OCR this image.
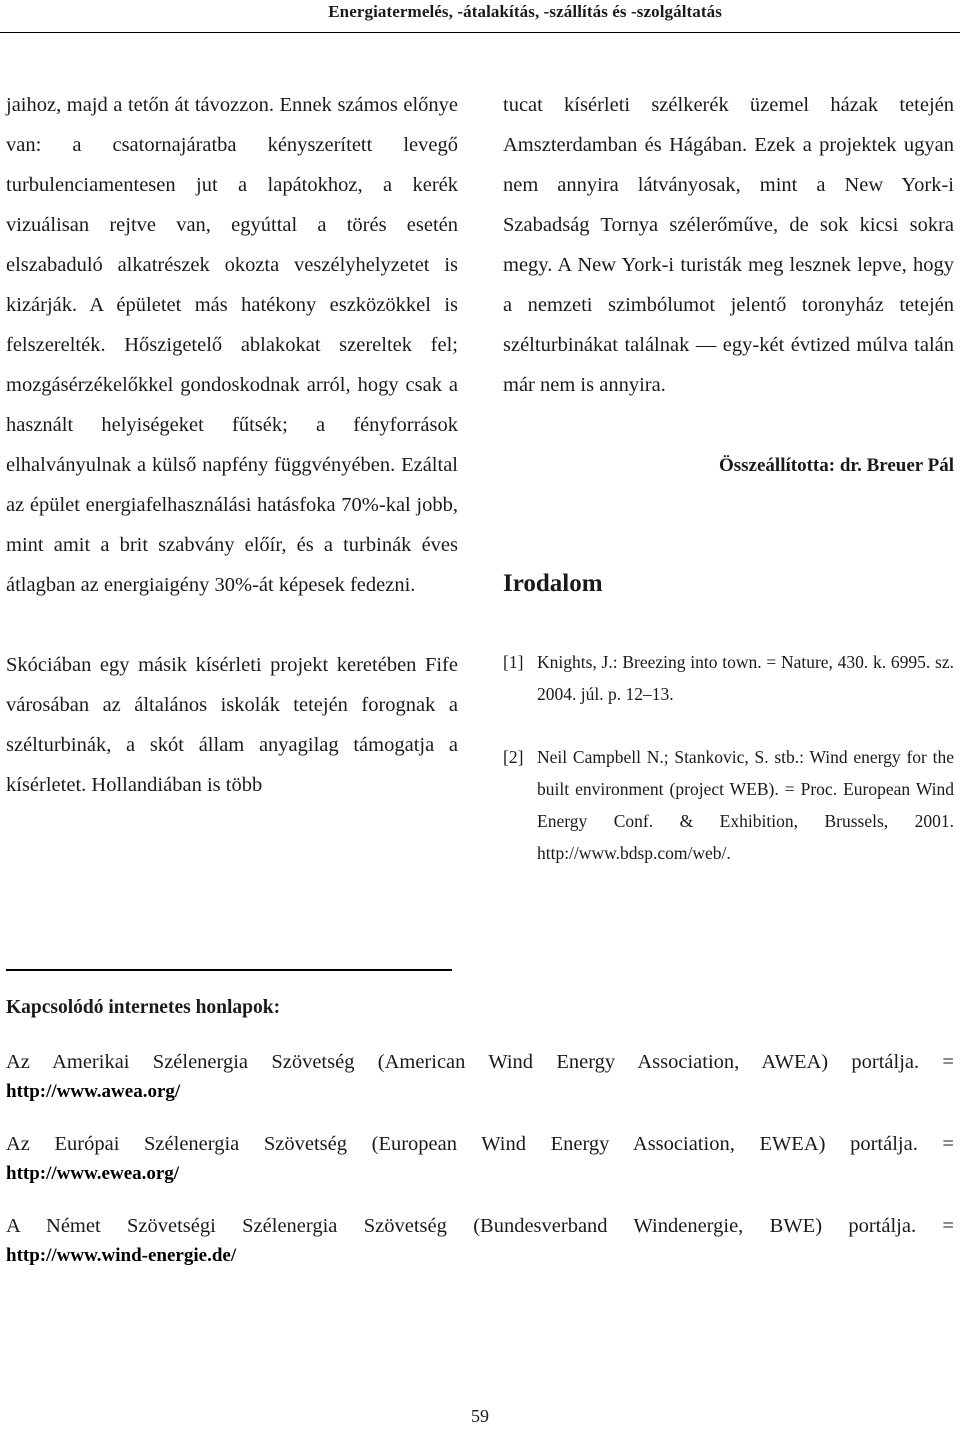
Energiatermelés, -átalakítás, -szállítás és -szolgáltatás

jaihoz, majd a tetőn át távozzon. Ennek számos előnye van: a csatornajáratba kényszerített levegő turbulenciamentesen jut a lapátokhoz, a kerék vizuálisan rejtve van, egyúttal a törés esetén elszabaduló alkatrészek okozta veszélyhelyzetet is kizárják. A épületet más hatékony eszközökkel is felszerelték. Hőszigetelő ablakokat szereltek fel; mozgásérzékelőkkel gondoskodnak arról, hogy csak a használt helyiségeket fűtsék; a fényforrások elhalványulnak a külső napfény függvényében. Ezáltal az épület energiafelhasználási hatásfoka 70%-kal jobb, mint amit a brit szabvány előír, és a turbinák éves átlagban az energiaigény 30%-át képesek fedezni.

Skóciában egy másik kísérleti projekt keretében Fife városában az általános iskolák tetején forognak a szélturbinák, a skót állam anyagilag támogatja a kísérletet. Hollandiában is több

tucat kísérleti szélkerék üzemel házak tetején Amszterdamban és Hágában. Ezek a projektek ugyan nem annyira látványosak, mint a New York-i Szabadság Tornya szélerőműve, de sok kicsi sokra megy. A New York-i turisták meg lesznek lepve, hogy a nemzeti szimbólumot jelentő toronyház tetején szélturbinákat találnak — egy-két évtized múlva talán már nem is annyira.

Összeállította: dr. Breuer Pál
Irodalom
[1] Knights, J.: Breezing into town. = Nature, 430. k. 6995. sz. 2004. júl. p. 12–13.
[2] Neil Campbell N.; Stankovic, S. stb.: Wind energy for the built environment (project WEB). = Proc. European Wind Energy Conf. & Exhibition, Brussels, 2001. http://www.bdsp.com/web/.
Kapcsolódó internetes honlapok:
Az Amerikai Szélenergia Szövetség (American Wind Energy Association, AWEA) portálja. =
http://www.awea.org/
Az Európai Szélenergia Szövetség (European Wind Energy Association, EWEA) portálja. =
http://www.ewea.org/
A Német Szövetségi Szélenergia Szövetség (Bundesverband Windenergie, BWE) portálja. =
http://www.wind-energie.de/
59
